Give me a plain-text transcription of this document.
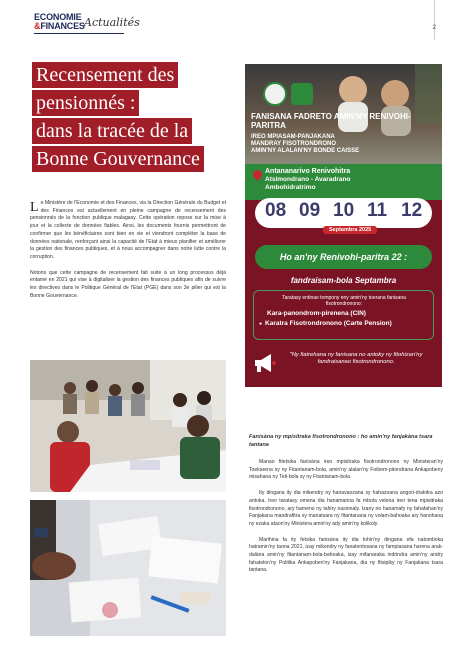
ECONOMIE
&FINANCES Actualités	2
Recensement des
pensionnés :
dans la tracée de la
Bonne Gouvernance

Le Ministère de l'Economie et des Finances, via la Direction Générale du Budget et des Finances est actuellement en pleine campagne de recensement des pensionnés de la fonction publique malagasy. Cette opération repose sur la mise à jour et la collecte de données fiables. Ainsi, les documents fournis permettront de confirmer que les bénéficiaires sont bien en vie et viendront compléter la base de données nationale, renforçant ainsi la capacité de l'Etat à mieux planifier et améliorer la gestion des finances publiques, et à nous accompagner dans notre lutte contre la corruption.

Notons que cette campagne de recensement fait suite à un long processus déjà entamé en 2021 qui vise à digitaliser la gestion des finances publiques afin de suivre les directives dans le Politique Général de l'Etat (PGE) dans son 3e pilier qui est la Bonne Gouvernance.

FANISANA FADRETO AMIN'NY RENIVOHI-PARITRA
IREO MPIASAM-PANJAKANA
MANDRAY FISOTRONDRONO
AMIN'NY ALALAN'NY BONDE CAISSE
Antananarivo Renivohitra
Atsimondrano - Avaradrano
Ambohidratrimo
08 09 10 11 12
Septambra 2025
Ho an'ny Renivohi-paritra 22 :
fandraisam-bola Septambra
Taratasy entinao tompony eny amin'ny toerana fanisana fisotrondronono:
Kara-panondrom-pirenena (CIN)
● Karatra Fisotrondronono (Carte Pension)
"Ny fiatrehana ny fanisana no antoky ny fitohizan'ny fandraisanao fisotrondronono.
Fanisàna ny mpisitraka fisotrondronono : ho amin'ny fanjakàna tsara tantana

Manao fitetsika fanisàna ireo mpisitraka fisotrondronono ny Ministeran'ny Toekarena sy ny Fitantanam-bola, amin'ny alalan'ny Foibem-pitondrana Ankapobeny misahana ny Teti-bola sy ny Fitantanam-bola.

Ity dingana ity dia mikendry ny hanavaozana sy hahazoana angon-drakitra azo antoka. Ireo taratasy omena dia hanamarina fa mbola velona ireo tena mpisitraka fisotrondronono, ary hameno ny tahiry nasionaly. Izany no hanamafy ny fahafahan'ny Fanjakana mandrafitra sy manatsara ny fitantanana ny volam-bahoaka ary hanohana ny ezaka ataon'ny Ministera amin'ny ady amin'ny kolikoly.

Marihina fa ity fetsika fanisàna ity dia tohin'ny dingana efa natomboka hatramin'ny taona 2021, izay mikendry ny fanatontosana ny fampiasana harena arak-dalàna amin'ny fitantanam-bola-bahoaka, izay mifanaraka indrindra amin'ny andry fahatelon'ny Politika Ankapoben'ny Fanjakana, dia ny fitsipiky ny Fanjakana tsara tantana.
